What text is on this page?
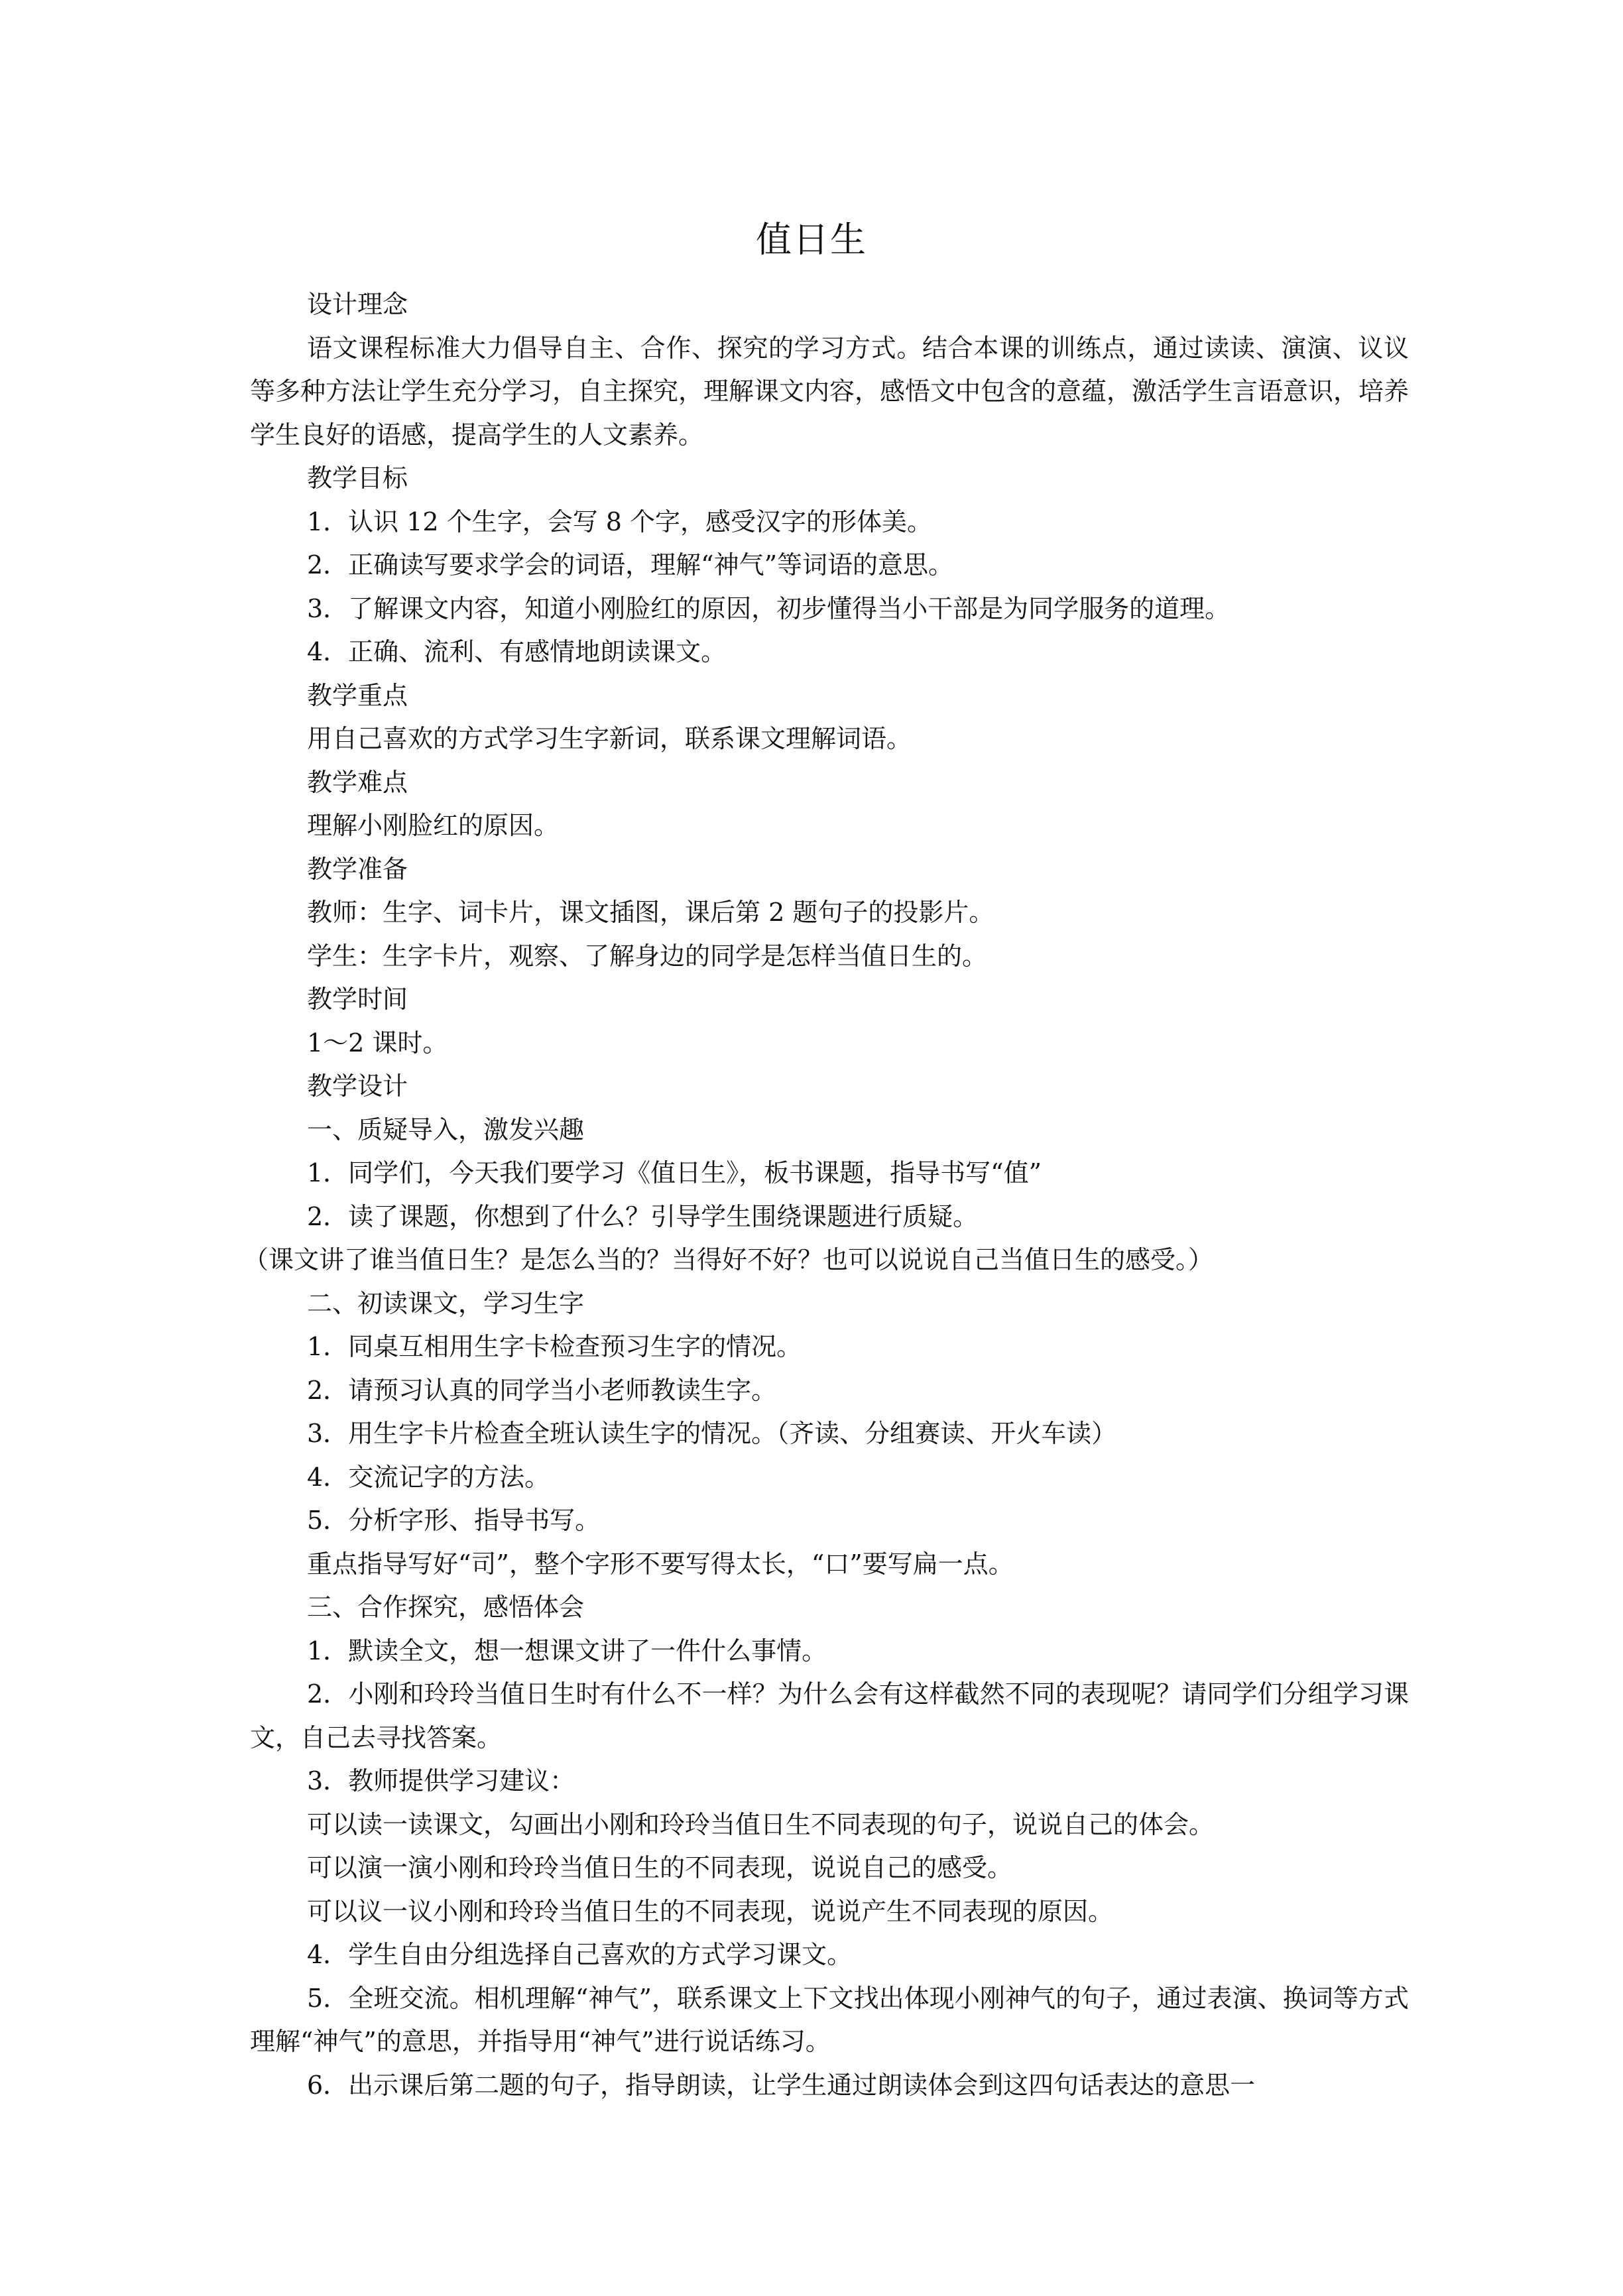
值日生

设计理念

语文课程标准大力倡导自主、合作、探究的学习方式。结合本课的训练点，通过读读、演演、议议等多种方法让学生充分学习，自主探究，理解课文内容，感悟文中包含的意蕴，激活学生言语意识，培养学生良好的语感，提高学生的人文素养。

教学目标

1．认识 12 个生字，会写 8 个字，感受汉字的形体美。

2．正确读写要求学会的词语，理解“神气”等词语的意思。

3．了解课文内容，知道小刚脸红的原因，初步懂得当小干部是为同学服务的道理。

4．正确、流利、有感情地朗读课文。

教学重点

用自己喜欢的方式学习生字新词，联系课文理解词语。

教学难点

理解小刚脸红的原因。

教学准备

教师：生字、词卡片，课文插图，课后第 2 题句子的投影片。

学生：生字卡片，观察、了解身边的同学是怎样当值日生的。

教学时间

1～2 课时。

教学设计

一、质疑导入，激发兴趣

1．同学们，今天我们要学习《值日生》，板书课题，指导书写“值”

2．读了课题，你想到了什么？引导学生围绕课题进行质疑。

（课文讲了谁当值日生？是怎么当的？当得好不好？也可以说说自己当值日生的感受。）

二、初读课文，学习生字

1．同桌互相用生字卡检查预习生字的情况。

2．请预习认真的同学当小老师教读生字。

3．用生字卡片检查全班认读生字的情况。（齐读、分组赛读、开火车读）

4．交流记字的方法。

5．分析字形、指导书写。

重点指导写好“司”，整个字形不要写得太长，“口”要写扁一点。

三、合作探究，感悟体会

1．默读全文，想一想课文讲了一件什么事情。

2．小刚和玲玲当值日生时有什么不一样？为什么会有这样截然不同的表现呢？请同学们分组学习课文，自己去寻找答案。

3．教师提供学习建议：

可以读一读课文，勾画出小刚和玲玲当值日生不同表现的句子，说说自己的体会。

可以演一演小刚和玲玲当值日生的不同表现，说说自己的感受。

可以议一议小刚和玲玲当值日生的不同表现，说说产生不同表现的原因。

4．学生自由分组选择自己喜欢的方式学习课文。

5．全班交流。相机理解“神气”，联系课文上下文找出体现小刚神气的句子，通过表演、换词等方式理解“神气”的意思，并指导用“神气”进行说话练习。

6．出示课后第二题的句子，指导朗读，让学生通过朗读体会到这四句话表达的意思一
